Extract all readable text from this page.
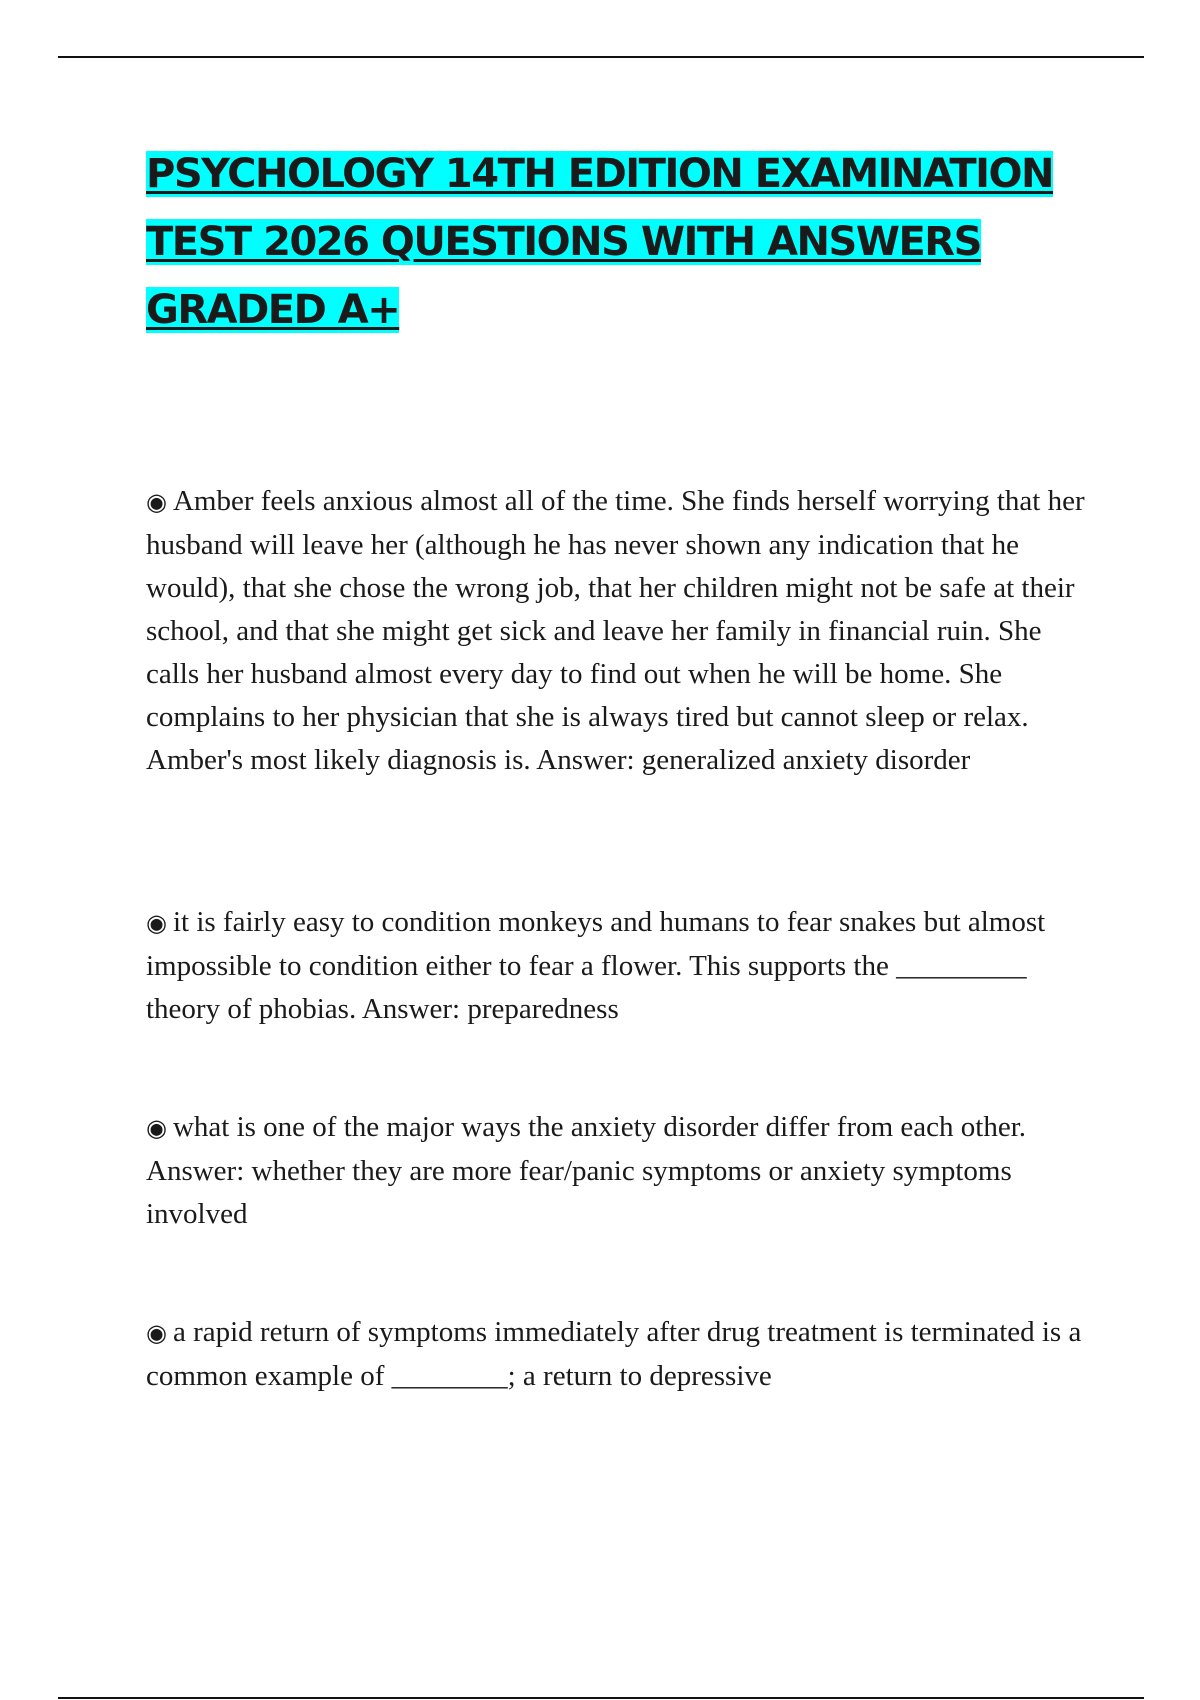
PSYCHOLOGY 14TH EDITION EXAMINATION
TEST 2026 QUESTIONS WITH ANSWERS
GRADED A+

◉ Amber feels anxious almost all of the time. She finds herself worrying that her husband will leave her (although he has never shown any indication that he would), that she chose the wrong job, that her children might not be safe at their school, and that she might get sick and leave her family in financial ruin. She calls her husband almost every day to find out when he will be home. She complains to her physician that she is always tired but cannot sleep or relax. Amber's most likely diagnosis is. Answer: generalized anxiety disorder

◉ it is fairly easy to condition monkeys and humans to fear snakes but almost impossible to condition either to fear a flower. This supports the _________ theory of phobias. Answer: preparedness

◉ what is one of the major ways the anxiety disorder differ from each other. Answer: whether they are more fear/panic symptoms or anxiety symptoms involved

◉ a rapid return of symptoms immediately after drug treatment is terminated is a common example of ________; a return to depressive
